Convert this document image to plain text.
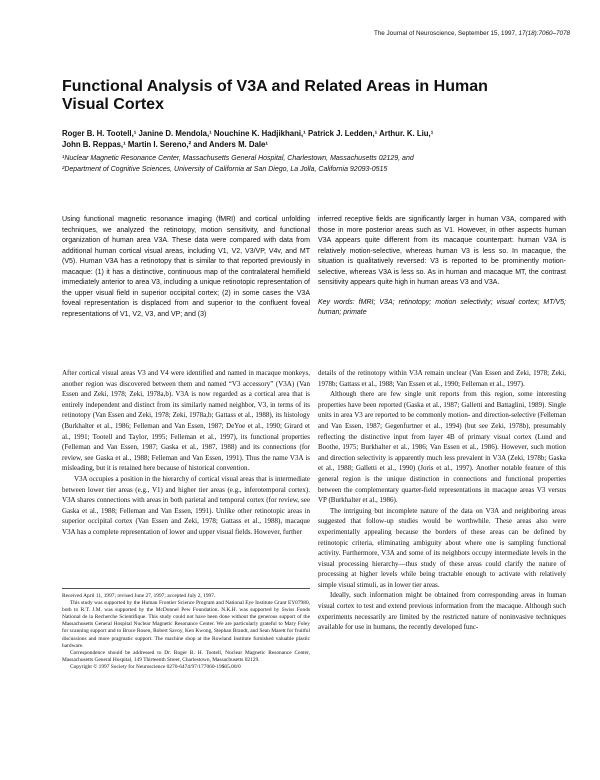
The Journal of Neuroscience, September 15, 1997, 17(18):7060–7078
Functional Analysis of V3A and Related Areas in Human Visual Cortex
Roger B. H. Tootell,¹ Janine D. Mendola,¹ Nouchine K. Hadjikhani,¹ Patrick J. Ledden,¹ Arthur. K. Liu,¹
John B. Reppas,¹ Martin I. Sereno,² and Anders M. Dale¹
¹Nuclear Magnetic Resonance Center, Massachusetts General Hospital, Charlestown, Massachusetts 02129, and
²Department of Cognitive Sciences, University of California at San Diego, La Jolla, California 92093-0515
Using functional magnetic resonance imaging (fMRI) and cortical unfolding techniques, we analyzed the retinotopy, motion sensitivity, and functional organization of human area V3A. These data were compared with data from additional human cortical visual areas, including V1, V2, V3/VP, V4v, and MT (V5). Human V3A has a retinotopy that is similar to that reported previously in macaque: (1) it has a distinctive, continuous map of the contralateral hemifield immediately anterior to area V3, including a unique retinotopic representation of the upper visual field in superior occipital cortex; (2) in some cases the V3A foveal representation is displaced from and superior to the confluent foveal representations of V1, V2, V3, and VP; and (3)
inferred receptive fields are significantly larger in human V3A, compared with those in more posterior areas such as V1. However, in other aspects human V3A appears quite different from its macaque counterpart: human V3A is relatively motion-selective, whereas human V3 is less so. In macaque, the situation is qualitatively reversed: V3 is reported to be prominently motion-selective, whereas V3A is less so. As in human and macaque MT, the contrast sensitivity appears quite high in human areas V3 and V3A.
Key words: fMRI; V3A; retinotopy; motion selectivity; visual cortex; MT/V5; human; primate

After cortical visual areas V3 and V4 were identified and named in macaque monkeys, another region was discovered between them and named “V3 accessory” (V3A) (Van Essen and Zeki, 1978; Zeki, 1978a,b). V3A is now regarded as a cortical area that is entirely independent and distinct from its similarly named neighbor, V3, in terms of its retinotopy (Van Essen and Zeki, 1978; Zeki, 1978a,b; Gattass et al., 1988), its histology (Burkhalter et al., 1986; Felleman and Van Essen, 1987; DeYoe et al., 1990; Girard et al., 1991; Tootell and Taylor, 1995; Felleman et al., 1997), its functional properties (Felleman and Van Essen, 1987; Gaska et al., 1987, 1988) and its connections (for review, see Gaska et al., 1988; Felleman and Van Essen, 1991). Thus the name V3A is misleading, but it is retained here because of historical convention.

V3A occupies a position in the hierarchy of cortical visual areas that is intermediate between lower tier areas (e.g., V1) and higher tier areas (e.g., inferotemporal cortex). V3A shares connections with areas in both parietal and temporal cortex (for review, see Gaska et al., 1988; Felleman and Van Essen, 1991). Unlike other retinotopic areas in superior occipital cortex (Van Essen and Zeki, 1978; Gattass et al., 1988), macaque V3A has a complete representation of lower and upper visual fields. However, further

details of the retinotopy within V3A remain unclear (Van Essen and Zeki, 1978; Zeki, 1978b; Gattass et al., 1988; Van Essen et al., 1990; Felleman et al., 1997).

Although there are few single unit reports from this region, some interesting properties have been reported (Gaska et al., 1987; Galletti and Battaglini, 1989). Single units in area V3 are reported to be commonly motion- and direction-selective (Felleman and Van Essen, 1987; Gegenfurtner et al., 1994) (but see Zeki, 1978b), presumably reflecting the distinctive input from layer 4B of primary visual cortex (Lund and Boothe, 1975; Burkhalter et al., 1986; Van Essen et al., 1986). However, such motion and direction selectivity is apparently much less prevalent in V3A (Zeki, 1978b; Gaska et al., 1988; Galletti et al., 1990) (Joris et al., 1997). Another notable feature of this general region is the unique distinction in connections and functional properties between the complementary quarter-field representations in macaque areas V3 versus VP (Burkhalter et al., 1986).

The intriguing but incomplete nature of the data on V3A and neighboring areas suggested that follow-up studies would be worthwhile. These areas also were experimentally appealing because the borders of these areas can be defined by retinotopic criteria, eliminating ambiguity about where one is sampling functional activity. Furthermore, V3A and some of its neighbors occupy intermediate levels in the visual processing hierarchy—thus study of these areas could clarify the nature of processing at higher levels while being tractable enough to activate with relatively simple visual stimuli, as in lower tier areas.

Ideally, such information might be obtained from corresponding areas in human visual cortex to test and extend previous information from the macaque. Although such experiments necessarily are limited by the restricted nature of noninvasive techniques available for use in humans, the recently developed func-

Received April 11, 1997; revised June 27, 1997; accepted July 2, 1997.

This study was supported by the Human Frontier Science Program and National Eye Institute Grant EY07980, both to R.T. J.M. was supported by the McDonnel Pew Foundation. N.K.H. was supported by Swiss Fonds National de la Recherche Scientifique. This study could not have been done without the generous support of the Massachusetts General Hospital Nuclear Magnetic Resonance Center. We are particularly grateful to Mary Foley for scanning support and to Bruce Rosen, Robert Savoy, Ken Kwong, Stephan Brandt, and Sean Marett for fruitful discussions and more pragmatic support. The machine shop at the Rowland Institute furnished valuable plastic hardware.

Correspondence should be addressed to Dr. Roger B. H. Tootell, Nuclear Magnetic Resonance Center, Massachusetts General Hospital, 149 Thirteenth Street, Charlestown, Massachusetts 02129.

Copyright © 1997 Society for Neuroscience 0270-6474/97/177060-19$05.00/0
